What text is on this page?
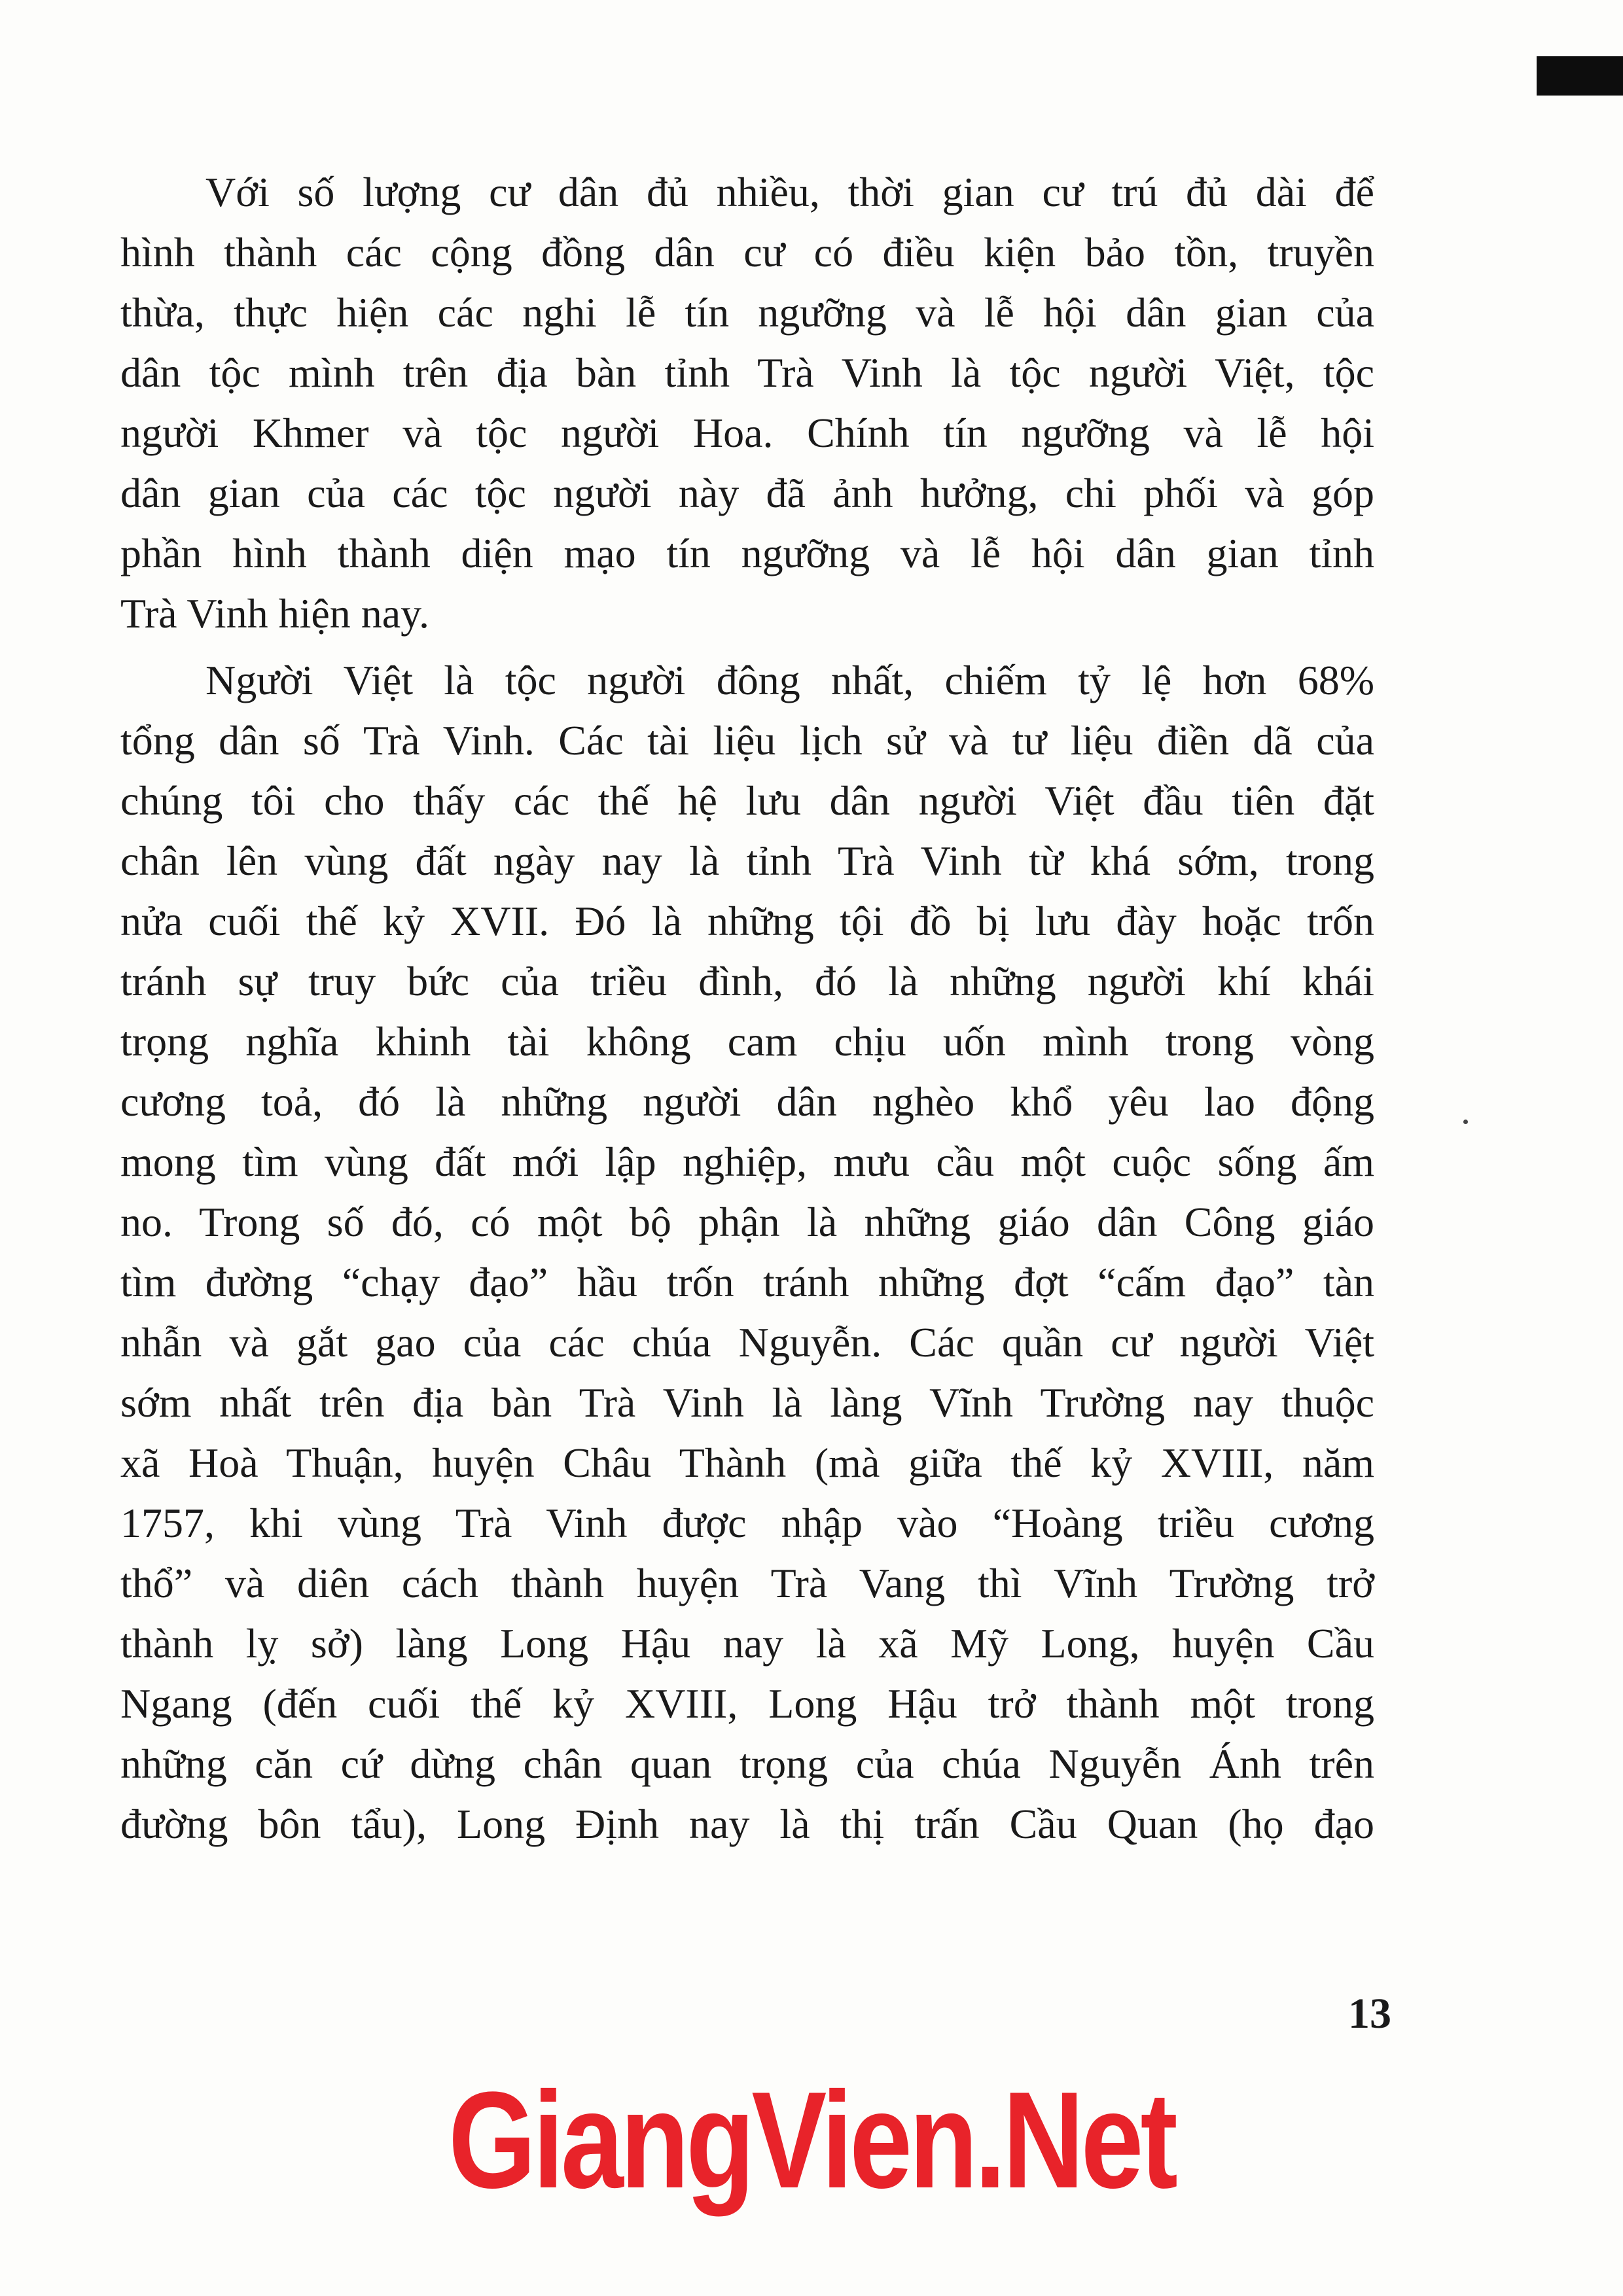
Với số lượng cư dân đủ nhiều, thời gian cư trú đủ dài để
hình thành các cộng đồng dân cư có điều kiện bảo tồn, truyền
thừa, thực hiện các nghi lễ tín ngưỡng và lễ hội dân gian của
dân tộc mình trên địa bàn tỉnh Trà Vinh là tộc người Việt, tộc
người Khmer và tộc người Hoa. Chính tín ngưỡng và lễ hội
dân gian của các tộc người này đã ảnh hưởng, chi phối và góp
phần hình thành diện mạo tín ngưỡng và lễ hội dân gian tỉnh
Trà Vinh hiện nay.
Người Việt là tộc người đông nhất, chiếm tỷ lệ hơn 68%
tổng dân số Trà Vinh. Các tài liệu lịch sử và tư liệu điền dã của
chúng tôi cho thấy các thế hệ lưu dân người Việt đầu tiên đặt
chân lên vùng đất ngày nay là tỉnh Trà Vinh từ khá sớm, trong
nửa cuối thế kỷ XVII. Đó là những tội đồ bị lưu đày hoặc trốn
tránh sự truy bức của triều đình, đó là những người khí khái
trọng nghĩa khinh tài không cam chịu uốn mình trong vòng
cương toả, đó là những người dân nghèo khổ yêu lao động
mong tìm vùng đất mới lập nghiệp, mưu cầu một cuộc sống ấm
no. Trong số đó, có một bộ phận là những giáo dân Công giáo
tìm đường “chạy đạo” hầu trốn tránh những đợt “cấm đạo” tàn
nhẫn và gắt gao của các chúa Nguyễn. Các quần cư người Việt
sớm nhất trên địa bàn Trà Vinh là làng Vĩnh Trường nay thuộc
xã Hoà Thuận, huyện Châu Thành (mà giữa thế kỷ XVIII, năm
1757, khi vùng Trà Vinh được nhập vào “Hoàng triều cương
thổ” và diên cách thành huyện Trà Vang thì Vĩnh Trường trở
thành lỵ sở) làng Long Hậu nay là xã Mỹ Long, huyện Cầu
Ngang (đến cuối thế kỷ XVIII, Long Hậu trở thành một trong
những căn cứ dừng chân quan trọng của chúa Nguyễn Ánh trên
đường bôn tẩu), Long Định nay là thị trấn Cầu Quan (họ đạo
13
GiangVien.Net
